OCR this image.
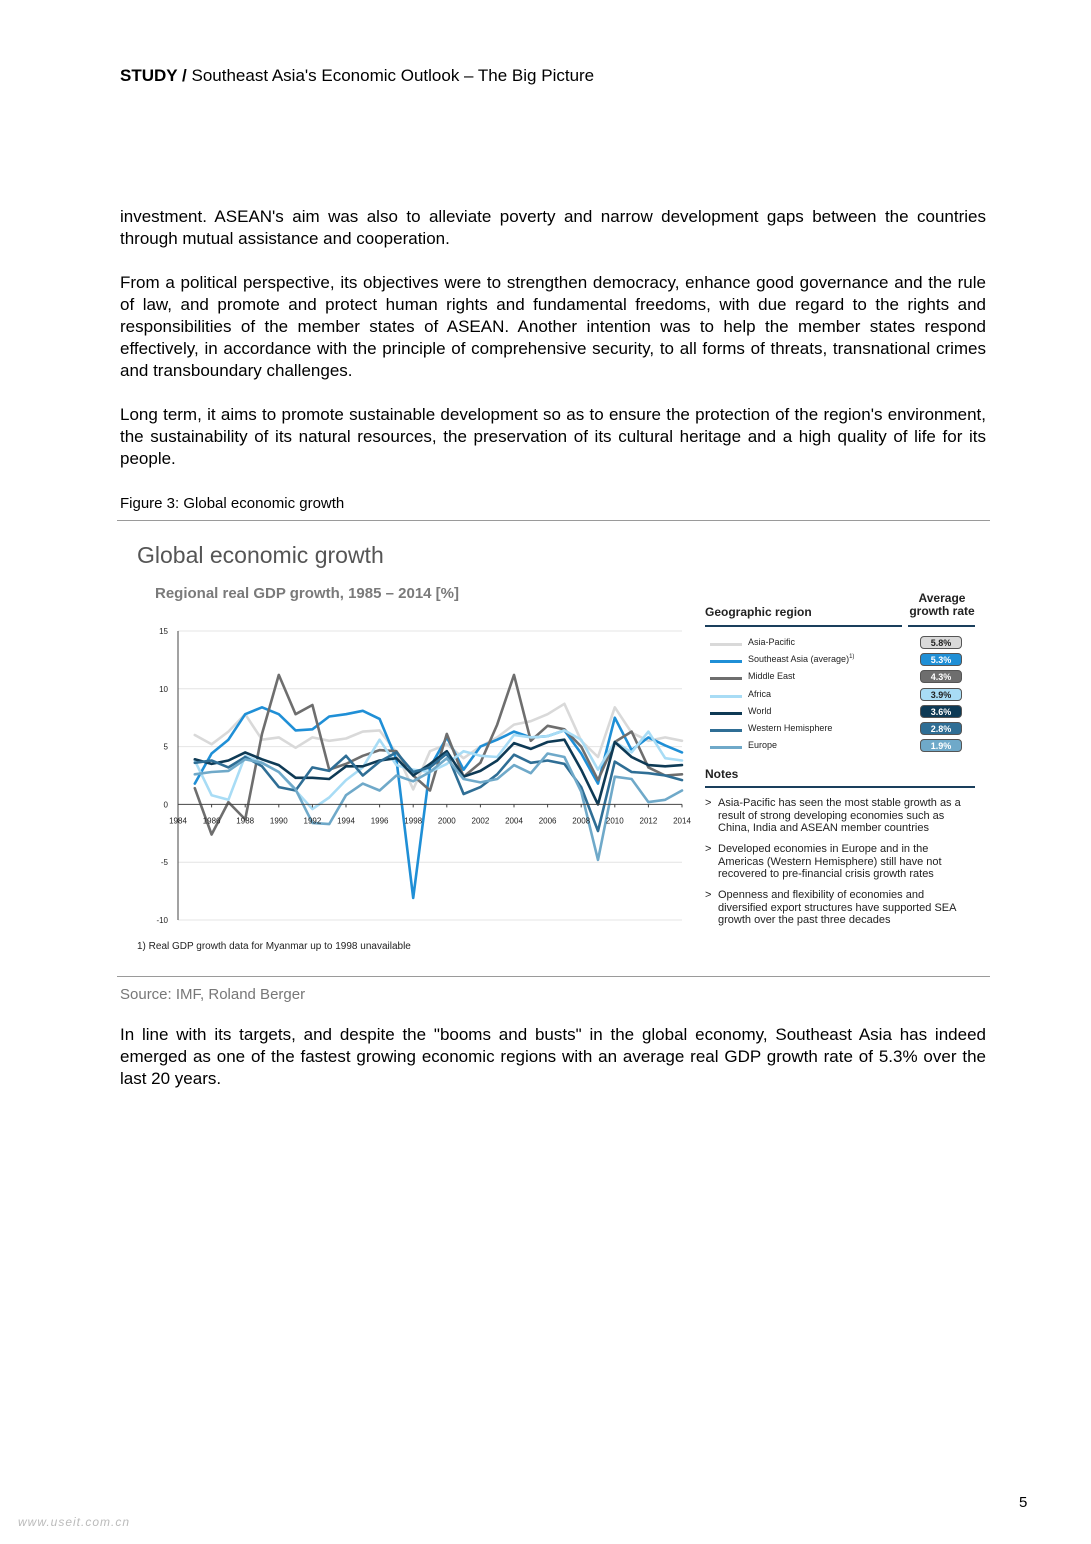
STUDY / Southeast Asia's Economic Outlook – The Big Picture

investment. ASEAN's aim was also to alleviate poverty and narrow development gaps between the countries through mutual assistance and cooperation.

From a political perspective, its objectives were to strengthen democracy, enhance good governance and the rule of law, and promote and protect human rights and fundamental freedoms, with due regard to the rights and responsibilities of the member states of ASEAN. Another intention was to help the member states respond effectively, in accordance with the principle of comprehensive security, to all forms of threats, transnational crimes and transboundary challenges.

Long term, it aims to promote sustainable development so as to ensure the protection of the region's environment, the sustainability of its natural resources, the preservation of its cultural heritage and a high quality of life for its people.

Figure 3: Global economic growth
Global economic growth
Regional real GDP growth, 1985 – 2014 [%]
15
10
5
0
-5
-10
1984 1986 1988 1990 1992 1994 1996 1998 2000 2002 2004 2006 2008 2010 2012 2014
1) Real GDP growth data for Myanmar up to 1998 unavailable
Geographic region
Average
growth rate
Asia-Pacific	5.8%
Southeast Asia (average)$^{1)}$	5.3%
Middle East	4.3%
Africa	3.9%
World	3.6%
Western Hemisphere	2.8%
Europe	1.9%
Notes
> Asia-Pacific has seen the most stable growth as a result of strong developing economies such as China, India and ASEAN member countries
> Developed economies in Europe and in the Americas (Western Hemisphere) still have not recovered to pre-financial crisis growth rates
> Openness and flexibility of economies and diversified export structures have supported SEA growth over the past three decades
Source: IMF, Roland Berger

In line with its targets, and despite the "booms and busts" in the global economy, Southeast Asia has indeed emerged as one of the fastest growing economic regions with an average real GDP growth rate of 5.3% over the last 20 years.

5
www.useit.com.cn
